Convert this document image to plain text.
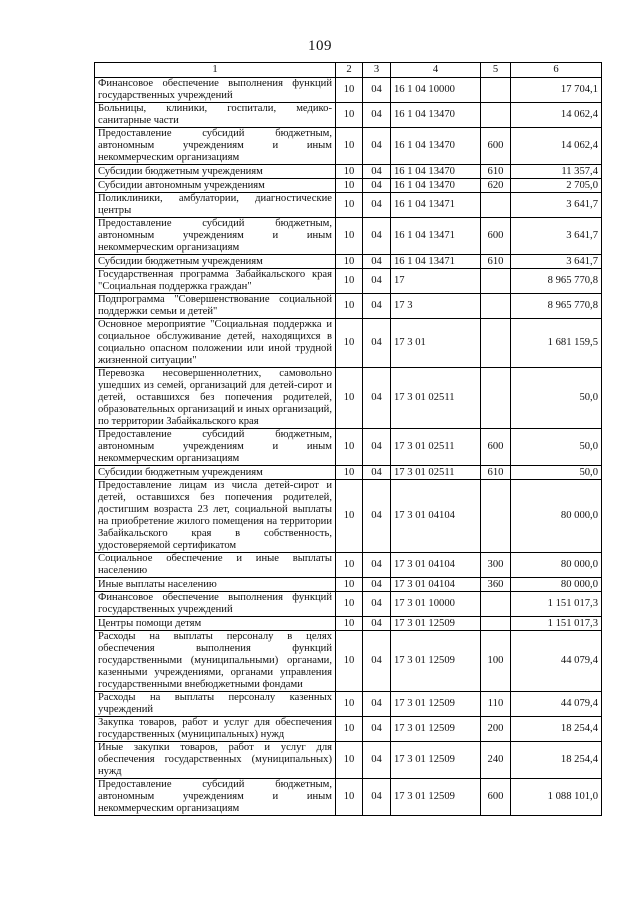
109
1	2	3	4	5	6
Финансовое обеспечение выполнения функций государственных учреждений	10	04	16 1 04 10000		17 704,1
Больницы, клиники, госпитали, медико-санитарные части	10	04	16 1 04 13470		14 062,4
Предоставление субсидий бюджетным, автономным учреждениям и иным некоммерческим организациям	10	04	16 1 04 13470	600	14 062,4
Субсидии бюджетным учреждениям	10	04	16 1 04 13470	610	11 357,4
Субсидии автономным учреждениям	10	04	16 1 04 13470	620	2 705,0
Поликлиники, амбулатории, диагностические центры	10	04	16 1 04 13471		3 641,7
Предоставление субсидий бюджетным, автономным учреждениям и иным некоммерческим организациям	10	04	16 1 04 13471	600	3 641,7
Субсидии бюджетным учреждениям	10	04	16 1 04 13471	610	3 641,7
Государственная программа Забайкальского края "Социальная поддержка граждан"	10	04	17		8 965 770,8
Подпрограмма "Совершенствование социальной поддержки семьи и детей"	10	04	17 3		8 965 770,8
Основное мероприятие "Социальная поддержка и социальное обслуживание детей, находящихся в социально опасном положении или иной трудной жизненной ситуации"	10	04	17 3 01		1 681 159,5
Перевозка несовершеннолетних, самовольно ушедших из семей, организаций для детей-сирот и детей, оставшихся без попечения родителей, образовательных организаций и иных организаций, по территории Забайкальского края	10	04	17 3 01 02511		50,0
Предоставление субсидий бюджетным, автономным учреждениям и иным некоммерческим организациям	10	04	17 3 01 02511	600	50,0
Субсидии бюджетным учреждениям	10	04	17 3 01 02511	610	50,0
Предоставление лицам из числа детей-сирот и детей, оставшихся без попечения родителей, достигшим возраста 23 лет, социальной выплаты на приобретение жилого помещения на территории Забайкальского края в собственность, удостоверяемой сертификатом	10	04	17 3 01 04104		80 000,0
Социальное обеспечение и иные выплаты населению	10	04	17 3 01 04104	300	80 000,0
Иные выплаты населению	10	04	17 3 01 04104	360	80 000,0
Финансовое обеспечение выполнения функций государственных учреждений	10	04	17 3 01 10000		1 151 017,3
Центры помощи детям	10	04	17 3 01 12509		1 151 017,3
Расходы на выплаты персоналу в целях обеспечения выполнения функций государственными (муниципальными) органами, казенными учреждениями, органами управления государственными внебюджетными фондами	10	04	17 3 01 12509	100	44 079,4
Расходы на выплаты персоналу казенных учреждений	10	04	17 3 01 12509	110	44 079,4
Закупка товаров, работ и услуг для обеспечения государственных (муниципальных) нужд	10	04	17 3 01 12509	200	18 254,4
Иные закупки товаров, работ и услуг для обеспечения государственных (муниципальных) нужд	10	04	17 3 01 12509	240	18 254,4
Предоставление субсидий бюджетным, автономным учреждениям и иным некоммерческим организациям	10	04	17 3 01 12509	600	1 088 101,0
